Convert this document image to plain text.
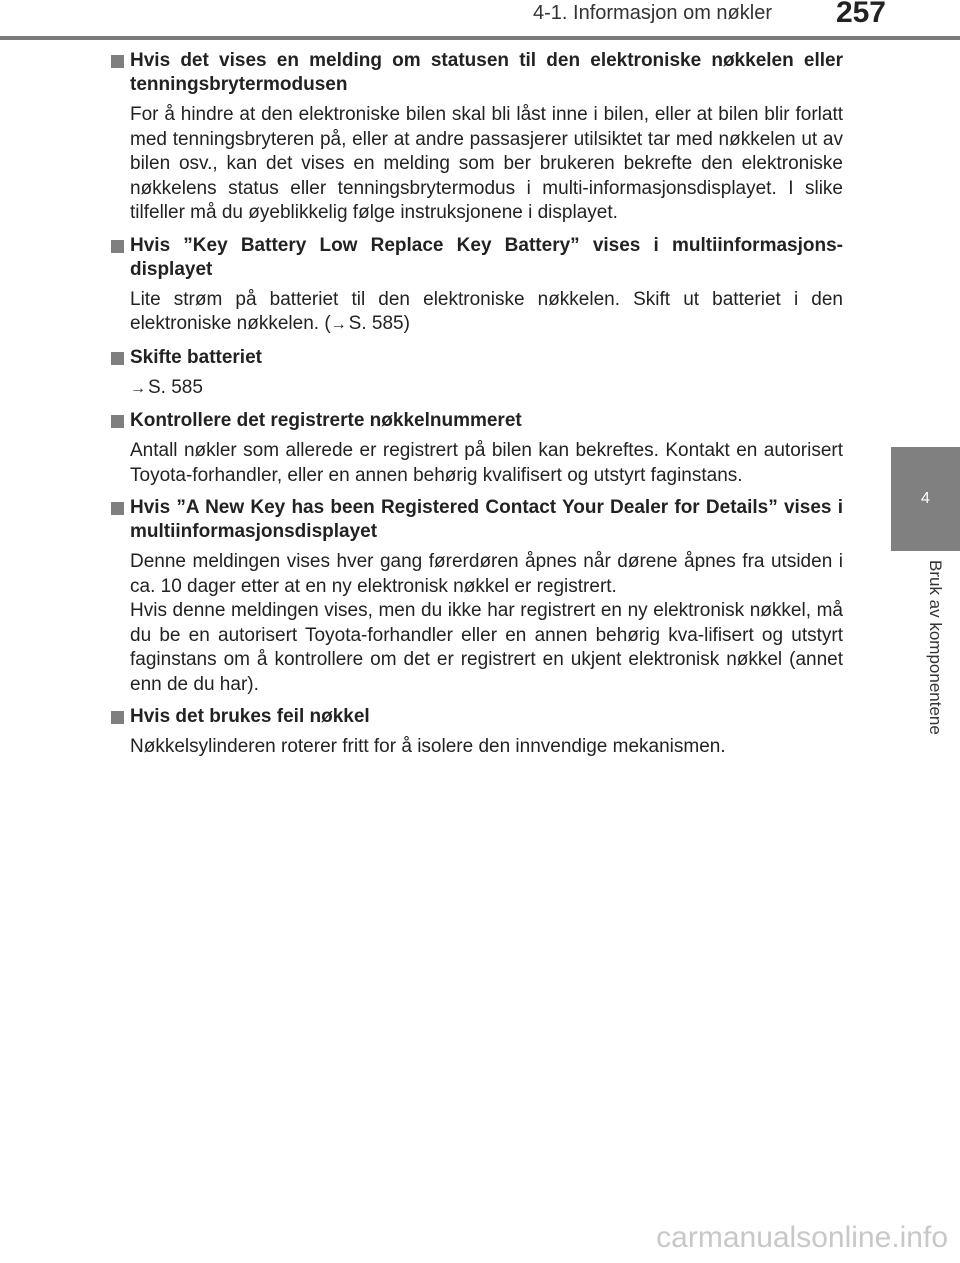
4-1. Informasjon om nøkler 257
4
Bruk av komponentene
Hvis det vises en melding om statusen til den elektroniske nøkkelen eller tenningsbrytermodusen
For å hindre at den elektroniske bilen skal bli låst inne i bilen, eller at bilen blir forlatt med tenningsbryteren på, eller at andre passasjerer utilsiktet tar med nøkkelen ut av bilen osv., kan det vises en melding som ber brukeren bekrefte den elektroniske nøkkelens status eller tenningsbrytermodus i multi-informasjonsdisplayet. I slike tilfeller må du øyeblikkelig følge instruksjonene i displayet.
Hvis ”Key Battery Low Replace Key Battery” vises i multiinformasjons-displayet
Lite strøm på batteriet til den elektroniske nøkkelen. Skift ut batteriet i den elektroniske nøkkelen. (→ S. 585)
Skifte batteriet
→ S. 585
Kontrollere det registrerte nøkkelnummeret
Antall nøkler som allerede er registrert på bilen kan bekreftes. Kontakt en autorisert Toyota-forhandler, eller en annen behørig kvalifisert og utstyrt faginstans.
Hvis ”A New Key has been Registered Contact Your Dealer for Details” vises i multiinformasjonsdisplayet
Denne meldingen vises hver gang førerdøren åpnes når dørene åpnes fra utsiden i ca. 10 dager etter at en ny elektronisk nøkkel er registrert.
Hvis denne meldingen vises, men du ikke har registrert en ny elektronisk nøkkel, må du be en autorisert Toyota-forhandler eller en annen behørig kva-lifisert og utstyrt faginstans om å kontrollere om det er registrert en ukjent elektronisk nøkkel (annet enn de du har).
Hvis det brukes feil nøkkel
Nøkkelsylinderen roterer fritt for å isolere den innvendige mekanismen.
carmanualsonline.info
